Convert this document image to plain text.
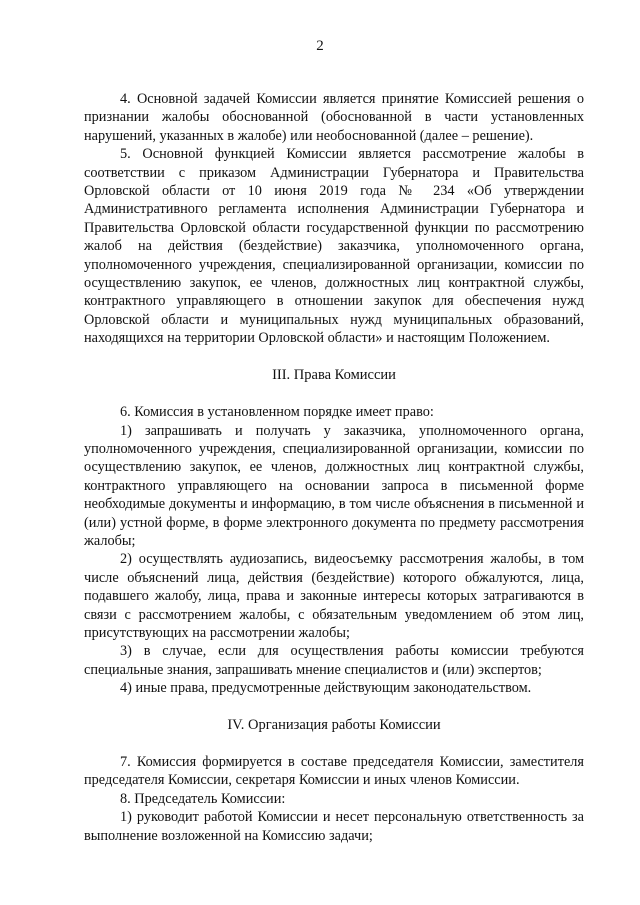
2

4. Основной задачей Комиссии является принятие Комиссией решения о признании жалобы обоснованной (обоснованной в части установленных нарушений, указанных в жалобе) или необоснованной (далее – решение).

5. Основной функцией Комиссии является рассмотрение жалобы в соответствии с приказом Администрации Губернатора и Правительства Орловской области от 10 июня 2019 года № 234 «Об утверждении Административного регламента исполнения Администрации Губернатора и Правительства Орловской области государственной функции по рассмотрению жалоб на действия (бездействие) заказчика, уполномоченного органа, уполномоченного учреждения, специализированной организации, комиссии по осуществлению закупок, ее членов, должностных лиц контрактной службы, контрактного управляющего в отношении закупок для обеспечения нужд Орловской области и муниципальных нужд муниципальных образований, находящихся на территории Орловской области» и настоящим Положением.

III. Права Комиссии

6. Комиссия в установленном порядке имеет право:

1) запрашивать и получать у заказчика, уполномоченного органа, уполномоченного учреждения, специализированной организации, комиссии по осуществлению закупок, ее членов, должностных лиц контрактной службы, контрактного управляющего на основании запроса в письменной форме необходимые документы и информацию, в том числе объяснения в письменной и (или) устной форме, в форме электронного документа по предмету рассмотрения жалобы;

2) осуществлять аудиозапись, видеосъемку рассмотрения жалобы, в том числе объяснений лица, действия (бездействие) которого обжалуются, лица, подавшего жалобу, лица, права и законные интересы которых затрагиваются в связи с рассмотрением жалобы, с обязательным уведомлением об этом лиц, присутствующих на рассмотрении жалобы;

3) в случае, если для осуществления работы комиссии требуются специальные знания, запрашивать мнение специалистов и (или) экспертов;

4) иные права, предусмотренные действующим законодательством.

IV. Организация работы Комиссии

7. Комиссия формируется в составе председателя Комиссии, заместителя председателя Комиссии, секретаря Комиссии и иных членов Комиссии.

8. Председатель Комиссии:

1) руководит работой Комиссии и несет персональную ответственность за выполнение возложенной на Комиссию задачи;
